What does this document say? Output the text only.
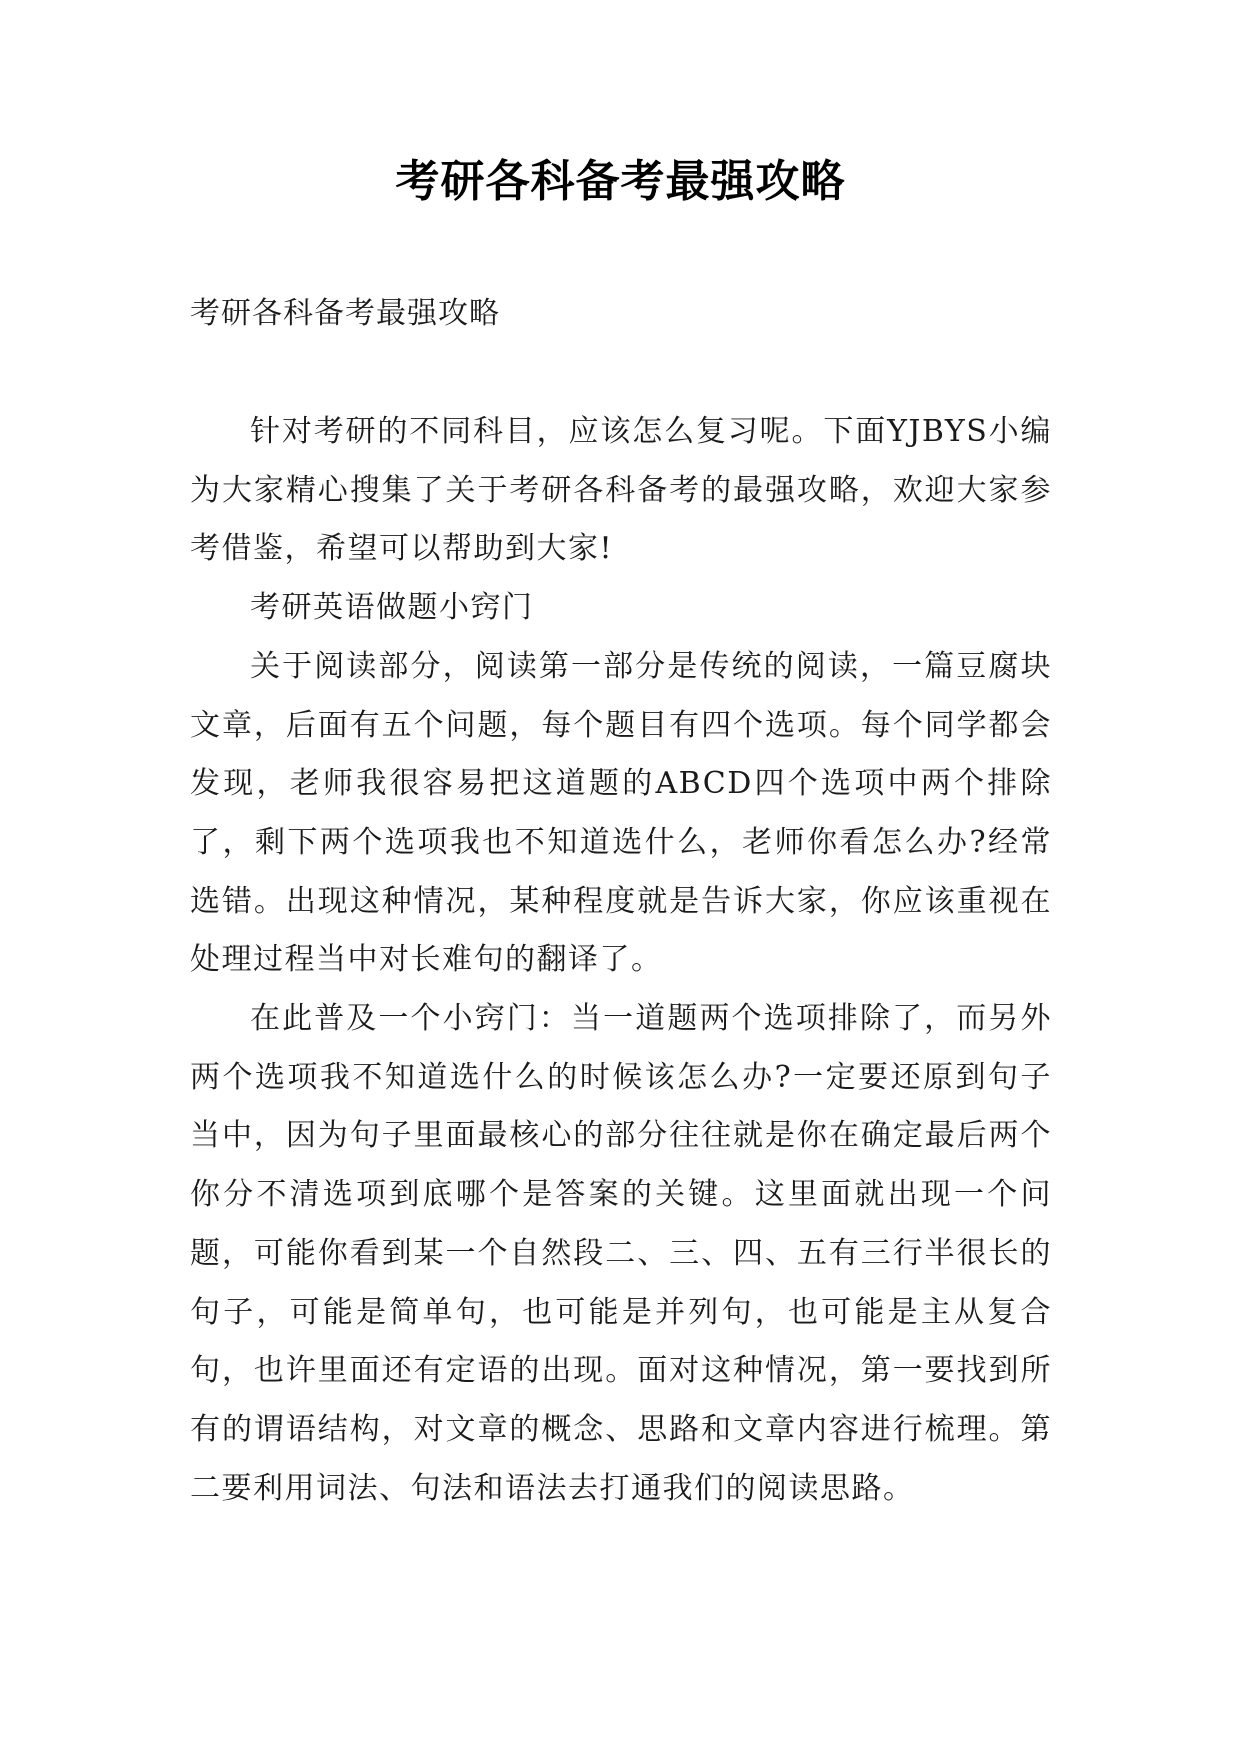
考研各科备考最强攻略

考研各科备考最强攻略

针对考研的不同科目，应该怎么复习呢。下面YJBYS小编为大家精心搜集了关于考研各科备考的最强攻略，欢迎大家参考借鉴，希望可以帮助到大家!

考研英语做题小窍门

关于阅读部分，阅读第一部分是传统的阅读，一篇豆腐块文章，后面有五个问题，每个题目有四个选项。每个同学都会发现，老师我很容易把这道题的ABCD四个选项中两个排除了，剩下两个选项我也不知道选什么，老师你看怎么办?经常选错。出现这种情况，某种程度就是告诉大家，你应该重视在处理过程当中对长难句的翻译了。

在此普及一个小窍门：当一道题两个选项排除了，而另外两个选项我不知道选什么的时候该怎么办?一定要还原到句子当中，因为句子里面最核心的部分往往就是你在确定最后两个你分不清选项到底哪个是答案的关键。这里面就出现一个问题，可能你看到某一个自然段二、三、四、五有三行半很长的句子，可能是简单句，也可能是并列句，也可能是主从复合句，也许里面还有定语的出现。面对这种情况，第一要找到所有的谓语结构，对文章的概念、思路和文章内容进行梳理。第二要利用词法、句法和语法去打通我们的阅读思路。
